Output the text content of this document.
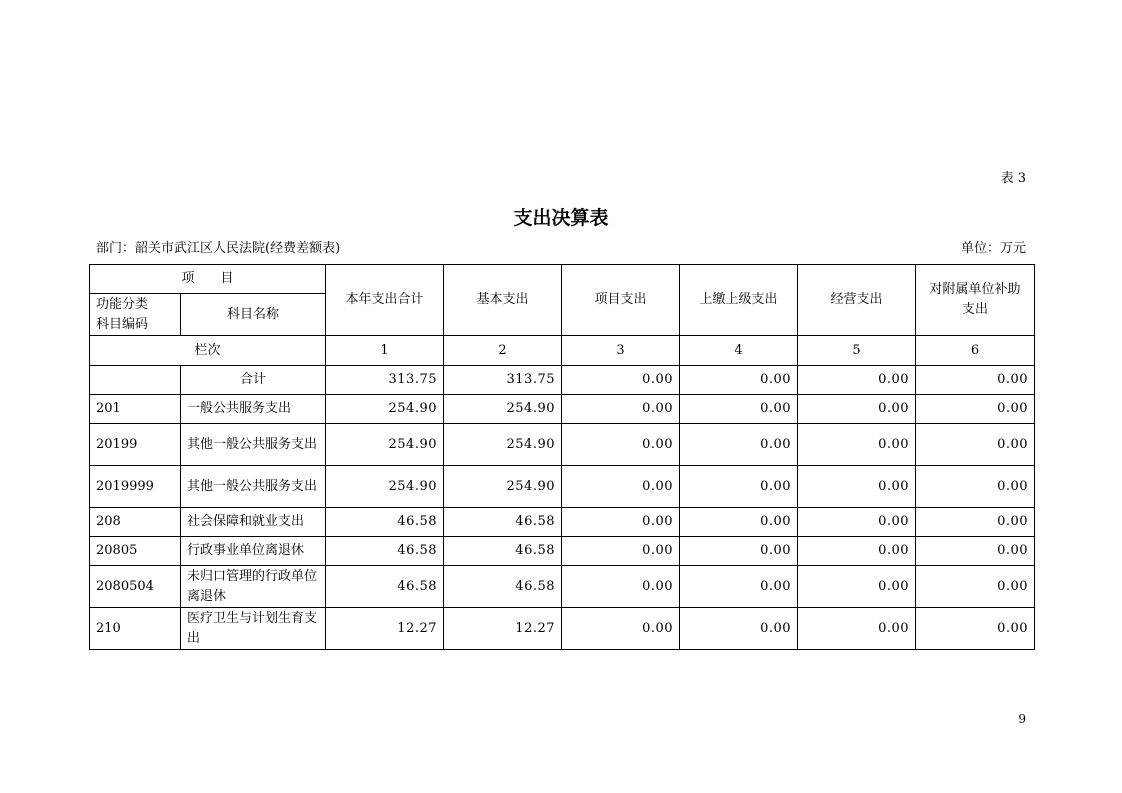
表 3
支出决算表
部门：韶关市武江区人民法院(经费差额表)	单位：万元
项　　目		本年支出合计	基本支出	项目支出	上缴上级支出	经营支出	对附属单位补助
支出
功能分类
科目编码	科目名称						
栏次		1	2	3	4	5	6
	合计	313.75	313.75	0.00	0.00	0.00	0.00
201	一般公共服务支出	254.90	254.90	0.00	0.00	0.00	0.00
20199	其他一般公共服务支出	254.90	254.90	0.00	0.00	0.00	0.00
2019999	其他一般公共服务支出	254.90	254.90	0.00	0.00	0.00	0.00
208	社会保障和就业支出	46.58	46.58	0.00	0.00	0.00	0.00
20805	行政事业单位离退休	46.58	46.58	0.00	0.00	0.00	0.00
2080504	未归口管理的行政单位离退休	46.58	46.58	0.00	0.00	0.00	0.00
210	医疗卫生与计划生育支出	12.27	12.27	0.00	0.00	0.00	0.00
9
